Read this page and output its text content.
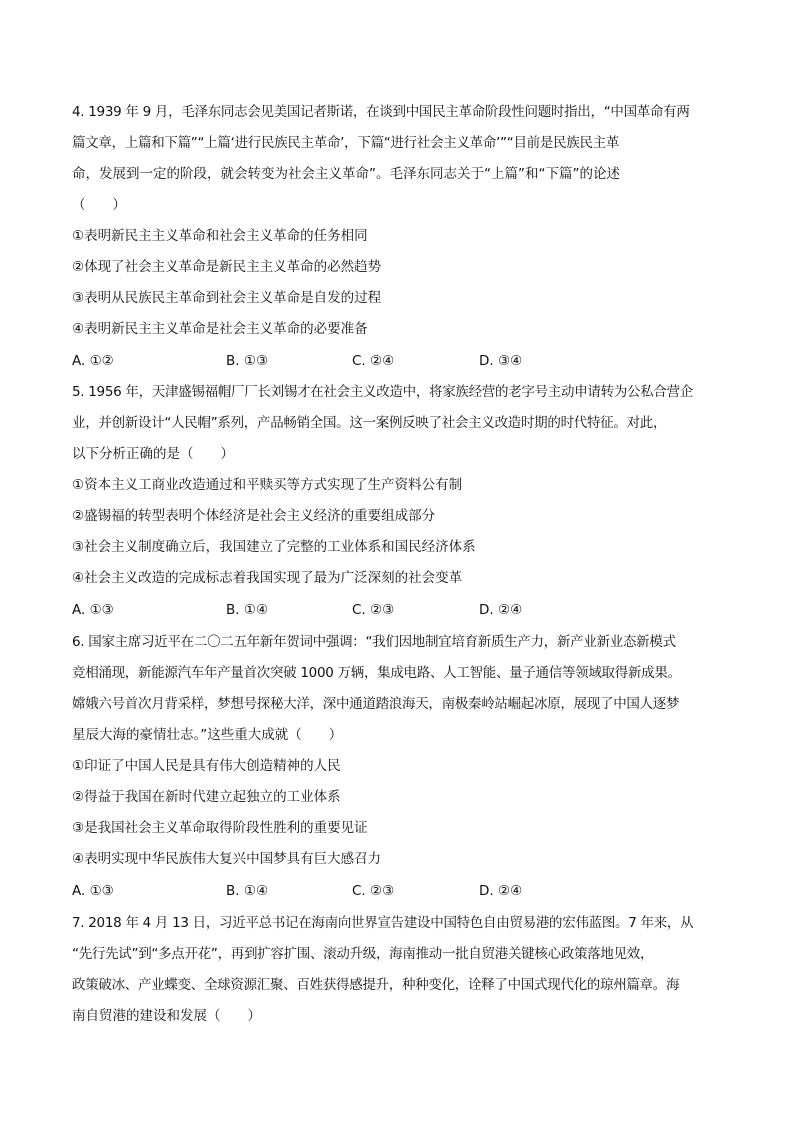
4. 1939 年 9 月，毛泽东同志会见美国记者斯诺，在谈到中国民主革命阶段性问题时指出，“中国革命有两
篇文章，上篇和下篇”“上篇‘进行民族民主革命’，下篇“进行社会主义革命’”“目前是民族民主革
命，发展到一定的阶段，就会转变为社会主义革命”。毛泽东同志关于“上篇”和“下篇”的论述
（　　）
①表明新民主主义革命和社会主义革命的任务相同
②体现了社会主义革命是新民主主义革命的必然趋势
③表明从民族民主革命到社会主义革命是自发的过程
④表明新民主主义革命是社会主义革命的必要准备
A. ①②	B. ①③	C. ②④	D. ③④
5. 1956 年，天津盛锡福帽厂厂长刘锡才在社会主义改造中，将家族经营的老字号主动申请转为公私合营企
业，并创新设计“人民帽”系列，产品畅销全国。这一案例反映了社会主义改造时期的时代特征。对此，
以下分析正确的是（　　）
①资本主义工商业改造通过和平赎买等方式实现了生产资料公有制
②盛锡福的转型表明个体经济是社会主义经济的重要组成部分
③社会主义制度确立后，我国建立了完整的工业体系和国民经济体系
④社会主义改造的完成标志着我国实现了最为广泛深刻的社会变革
A. ①③	B. ①④	C. ②③	D. ②④
6. 国家主席习近平在二〇二五年新年贺词中强调：“我们因地制宜培育新质生产力，新产业新业态新模式
竞相涌现，新能源汽车年产量首次突破 1000 万辆，集成电路、人工智能、量子通信等领域取得新成果。
嫦娥六号首次月背采样，梦想号探秘大洋，深中通道踏浪海天，南极秦岭站崛起冰原，展现了中国人逐梦
星辰大海的豪情壮志。”这些重大成就（　　）
①印证了中国人民是具有伟大创造精神的人民
②得益于我国在新时代建立起独立的工业体系
③是我国社会主义革命取得阶段性胜利的重要见证
④表明实现中华民族伟大复兴中国梦具有巨大感召力
A. ①③	B. ①④	C. ②③	D. ②④
7. 2018 年 4 月 13 日，习近平总书记在海南向世界宣告建设中国特色自由贸易港的宏伟蓝图。7 年来，从
“先行先试”到“多点开花”，再到扩容扩围、滚动升级，海南推动一批自贸港关键核心政策落地见效，
政策破冰、产业蝶变、全球资源汇聚、百姓获得感提升，种种变化，诠释了中国式现代化的琼州篇章。海
南自贸港的建设和发展（　　）
